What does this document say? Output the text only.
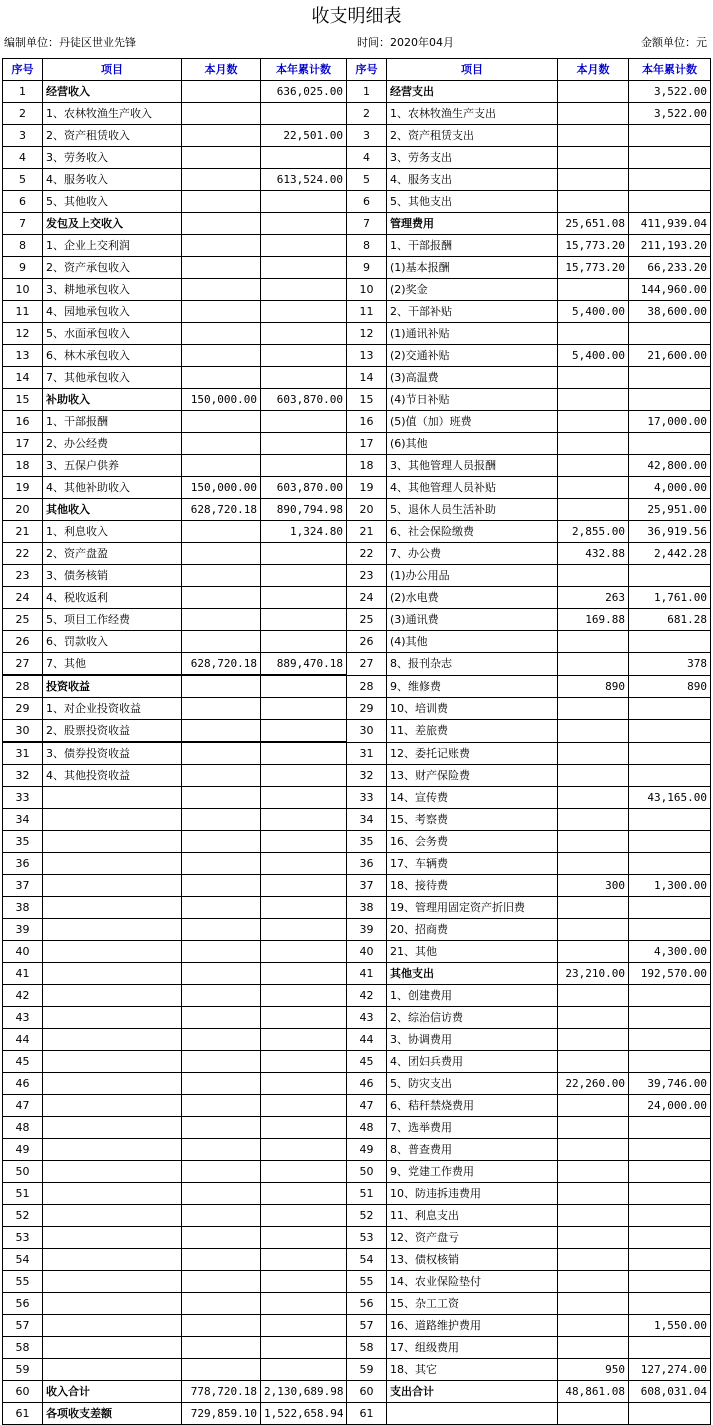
收支明细表
编制单位：丹徒区世业先锋	时间：2020年04月	金额单位：元
序号	项目	本月数	本年累计数	序号	项目	本月数	本年累计数
1	经营收入		636,025.00	1	经营支出		3,522.00
2	1、农林牧渔生产收入			2	1、农林牧渔生产支出		3,522.00
3	2、资产租赁收入		22,501.00	3	2、资产租赁支出		
4	3、劳务收入			4	3、劳务支出		
5	4、服务收入		613,524.00	5	4、服务支出		
6	5、其他收入			6	5、其他支出		
7	发包及上交收入			7	管理费用	25,651.08	411,939.04
8	1、企业上交利润			8	1、干部报酬	15,773.20	211,193.20
9	2、资产承包收入			9	(1)基本报酬	15,773.20	66,233.20
10	3、耕地承包收入			10	(2)奖金		144,960.00
11	4、园地承包收入			11	2、干部补贴	5,400.00	38,600.00
12	5、水面承包收入			12	(1)通讯补贴		
13	6、林木承包收入			13	(2)交通补贴	5,400.00	21,600.00
14	7、其他承包收入			14	(3)高温费		
15	补助收入	150,000.00	603,870.00	15	(4)节日补贴		
16	1、干部报酬			16	(5)值（加）班费		17,000.00
17	2、办公经费			17	(6)其他		
18	3、五保户供养			18	3、其他管理人员报酬		42,800.00
19	4、其他补助收入	150,000.00	603,870.00	19	4、其他管理人员补贴		4,000.00
20	其他收入	628,720.18	890,794.98	20	5、退休人员生活补助		25,951.00
21	1、利息收入		1,324.80	21	6、社会保险缴费	2,855.00	36,919.56
22	2、资产盘盈			22	7、办公费	432.88	2,442.28
23	3、债务核销			23	(1)办公用品		
24	4、税收返利			24	(2)水电费	263	1,761.00
25	5、项目工作经费			25	(3)通讯费	169.88	681.28
26	6、罚款收入			26	(4)其他		
27	7、其他	628,720.18	889,470.18	27	8、报刊杂志		378
28	投资收益			28	9、维修费	890	890
29	1、对企业投资收益			29	10、培训费		
30	2、股票投资收益			30	11、差旅费		
31	3、债券投资收益			31	12、委托记账费		
32	4、其他投资收益			32	13、财产保险费		
33				33	14、宣传费		43,165.00
34				34	15、考察费		
35				35	16、会务费		
36				36	17、车辆费		
37				37	18、接待费	300	1,300.00
38				38	19、管理用固定资产折旧费		
39				39	20、招商费		
40				40	21、其他		4,300.00
41				41	其他支出	23,210.00	192,570.00
42				42	1、创建费用		
43				43	2、综治信访费		
44				44	3、协调费用		
45				45	4、团妇兵费用		
46				46	5、防灾支出	22,260.00	39,746.00
47				47	6、秸秆禁烧费用		24,000.00
48				48	7、选举费用		
49				49	8、普查费用		
50				50	9、党建工作费用		
51				51	10、防违拆违费用		
52				52	11、利息支出		
53				53	12、资产盘亏		
54				54	13、债权核销		
55				55	14、农业保险垫付		
56				56	15、杂工工资		
57				57	16、道路维护费用		1,550.00
58				58	17、组级费用		
59				59	18、其它	950	127,274.00
60	收入合计	778,720.18	2,130,689.98	60	支出合计	48,861.08	608,031.04
61	各项收支差额	729,859.10	1,522,658.94	61			
